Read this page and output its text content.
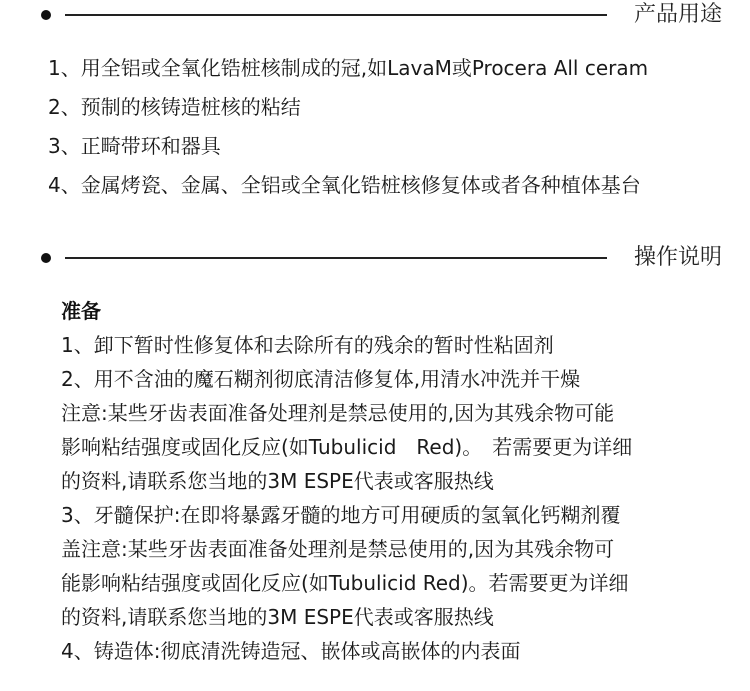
产品用途
1、用全铝或全氧化锆桩核制成的冠,如LavaM或Procera All ceram
2、预制的核铸造桩核的粘结
3、正畸带环和器具
4、金属烤瓷、金属、全铝或全氧化锆桩核修复体或者各种植体基台
操作说明
准备
1、卸下暂时性修复体和去除所有的残余的暂时性粘固剂
2、用不含油的魔石糊剂彻底清洁修复体,用清水冲洗并干燥
注意:某些牙齿表面准备处理剂是禁忌使用的,因为其残余物可能
影响粘结强度或固化反应(如Tubulicid　Red)。　若需要更为详细
的资料,请联系您当地的3M ESPE代表或客服热线
3、牙髓保护:在即将暴露牙髓的地方可用硬质的氢氧化钙糊剂覆
盖注意:某些牙齿表面准备处理剂是禁忌使用的,因为其残余物可
能影响粘结强度或固化反应(如Tubulicid Red)。若需要更为详细
的资料,请联系您当地的3M ESPE代表或客服热线
4、铸造体:彻底清洗铸造冠、嵌体或高嵌体的内表面
